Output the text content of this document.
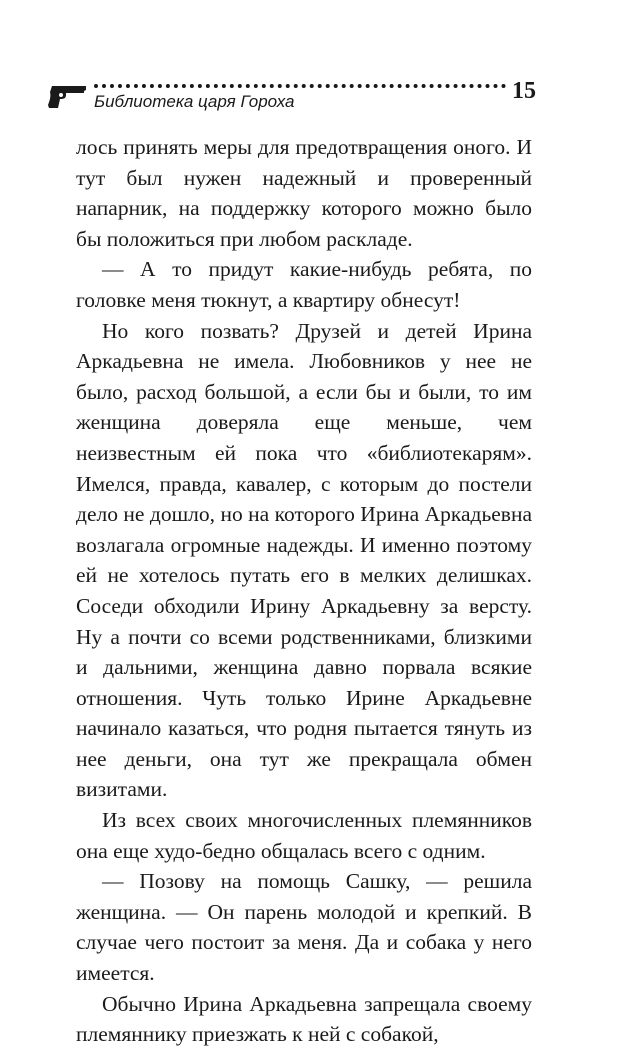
Библиотека царя Гороха	15

лось принять меры для предотвращения оного. И тут был нужен надежный и проверенный напарник, на поддержку которого можно было бы положиться при любом раскладе.

— А то придут какие-нибудь ребята, по головке меня тюкнут, а квартиру обнесут!

Но кого позвать? Друзей и детей Ирина Аркадьевна не имела. Любовников у нее не было, расход большой, а если бы и были, то им женщина доверяла еще меньше, чем неизвестным ей пока что «библиотекарям». Имелся, правда, кавалер, с которым до постели дело не дошло, но на которого Ирина Аркадьевна возлагала огромные надежды. И именно поэтому ей не хотелось путать его в мелких делишках. Соседи обходили Ирину Аркадьевну за версту. Ну а почти со всеми родственниками, близкими и дальними, женщина давно порвала всякие отношения. Чуть только Ирине Аркадьевне начинало казаться, что родня пытается тянуть из нее деньги, она тут же прекращала обмен визитами.

Из всех своих многочисленных племянников она еще худо-бедно общалась всего с одним.

— Позову на помощь Сашку, — решила женщина. — Он парень молодой и крепкий. В случае чего постоит за меня. Да и собака у него имеется.

Обычно Ирина Аркадьевна запрещала своему племяннику приезжать к ней с собакой,
